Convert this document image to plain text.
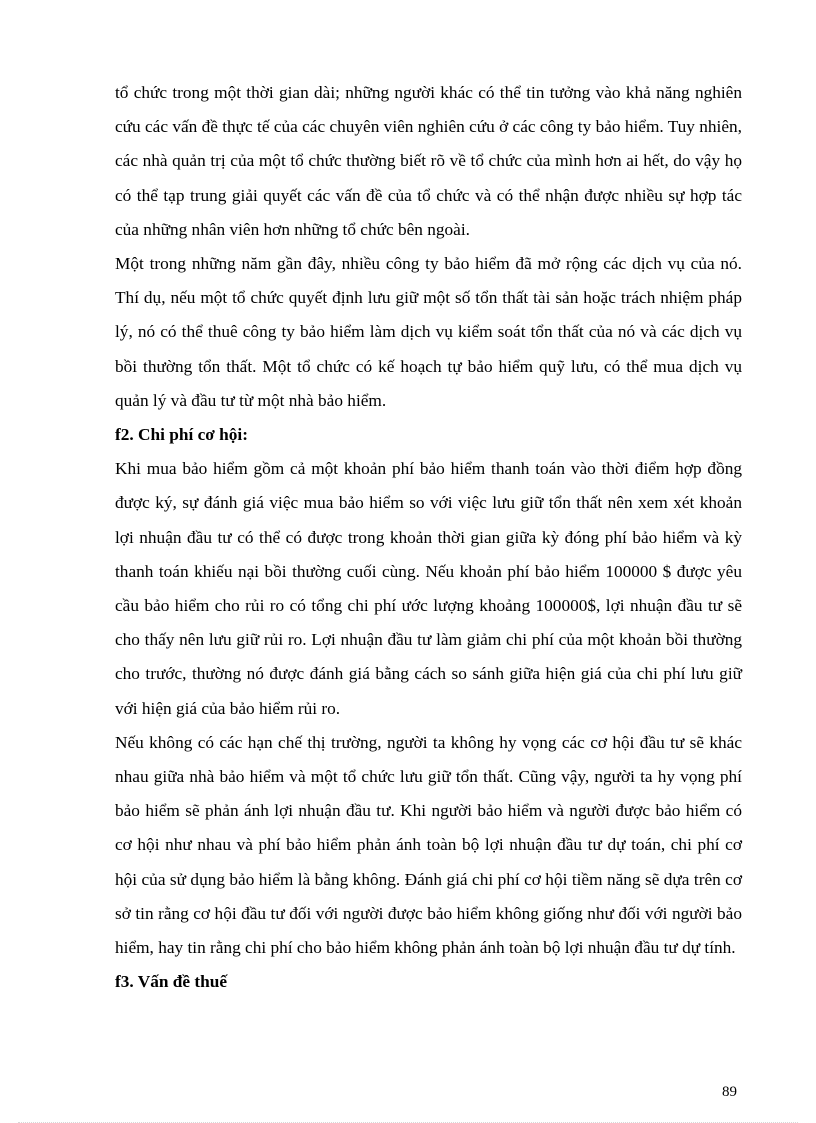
tổ chức trong một thời gian dài; những người khác có thể tin tưởng vào khả năng nghiên cứu các vấn đề thực tế của các chuyên viên nghiên cứu ở các công ty bảo hiểm. Tuy nhiên, các nhà quản trị của một tổ chức thường biết rõ về tổ chức của mình hơn ai hết, do vậy họ có thể tạp trung giải quyết các vấn đề của tổ chức và có thể nhận được nhiều sự hợp tác của những nhân viên hơn những tổ chức bên ngoài.

Một trong những năm gần đây, nhiều công ty bảo hiểm đã mở rộng các dịch vụ của nó. Thí dụ, nếu một tổ chức quyết định lưu giữ một số tổn thất tài sản hoặc trách nhiệm pháp lý, nó có thể thuê công ty bảo hiểm làm dịch vụ kiểm soát tổn thất của nó và các dịch vụ bồi thường tổn thất. Một tổ chức có kế hoạch tự bảo hiểm quỹ lưu, có thể mua dịch vụ quản lý và đầu tư từ một nhà bảo hiểm.

f2. Chi phí cơ hội:

Khi mua bảo hiểm gồm cả một khoản phí bảo hiểm thanh toán vào thời điểm hợp đồng được ký, sự đánh giá việc mua bảo hiểm so với việc lưu giữ tổn thất nên xem xét khoản lợi nhuận đầu tư có thể có được trong khoản thời gian giữa kỳ đóng phí bảo hiểm và kỳ thanh toán khiếu nại bồi thường cuối cùng. Nếu khoản phí bảo hiểm 100000 $ được yêu cầu bảo hiểm cho rủi ro có tổng chi phí ước lượng khoảng 100000$, lợi nhuận đầu tư sẽ cho thấy nên lưu giữ rủi ro. Lợi nhuận đầu tư làm giảm chi phí của một khoản bồi thường cho trước, thường nó được đánh giá bằng cách so sánh giữa hiện giá của chi phí lưu giữ với hiện giá của bảo hiểm rủi ro.

Nếu không có các hạn chế thị trường, người ta không hy vọng các cơ hội đầu tư sẽ khác nhau giữa nhà bảo hiểm và một tổ chức lưu giữ tổn thất. Cũng vậy, người ta hy vọng phí bảo hiểm sẽ phản ánh lợi nhuận đầu tư. Khi người bảo hiểm và người được bảo hiểm có cơ hội như nhau và phí bảo hiểm phản ánh toàn bộ lợi nhuận đầu tư dự toán, chi phí cơ hội của sử dụng bảo hiểm là bằng không. Đánh giá chi phí cơ hội tiềm năng sẽ dựa trên cơ sở tin rằng cơ hội đầu tư đối với người được bảo hiểm không giống như đối với người bảo hiểm, hay tin rằng chi phí cho bảo hiểm không phản ánh toàn bộ lợi nhuận đầu tư dự tính.

f3. Vấn đề thuế

89
